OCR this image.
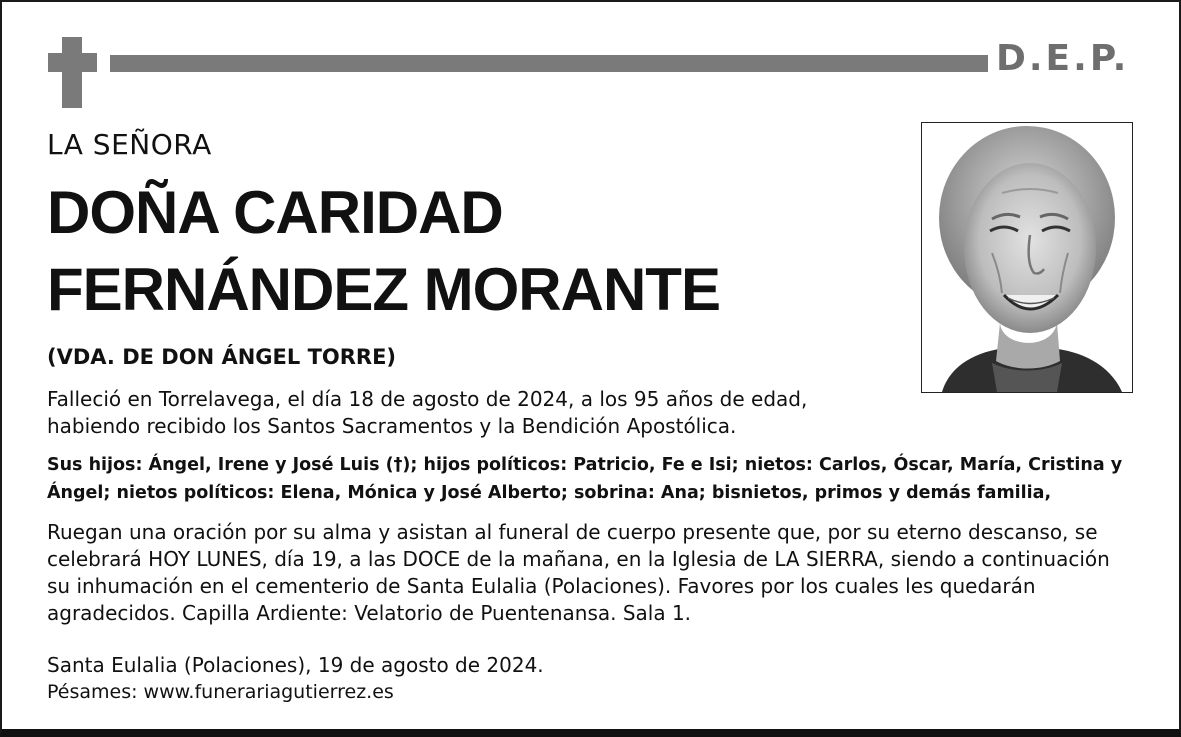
D.E.P.
LA SEÑORA
DOÑA CARIDAD
FERNÁNDEZ MORANTE
(VDA. DE DON ÁNGEL TORRE)
Falleció en Torrelavega, el día 18 de agosto de 2024, a los 95 años de edad,
habiendo recibido los Santos Sacramentos y la Bendición Apostólica.
Sus hijos: Ángel, Irene y José Luis (†); hijos políticos: Patricio, Fe e Isi; nietos: Carlos, Óscar, María, Cristina y
Ángel; nietos políticos: Elena, Mónica y José Alberto; sobrina: Ana; bisnietos, primos y demás familia,
Ruegan una oración por su alma y asistan al funeral de cuerpo presente que, por su eterno descanso, se
celebrará HOY LUNES, día 19, a las DOCE de la mañana, en la Iglesia de LA SIERRA, siendo a continuación
su inhumación en el cementerio de Santa Eulalia (Polaciones). Favores por los cuales les quedarán
agradecidos. Capilla Ardiente: Velatorio de Puentenansa. Sala 1.
Santa Eulalia (Polaciones), 19 de agosto de 2024.
Pésames: www.funerariagutierrez.es
